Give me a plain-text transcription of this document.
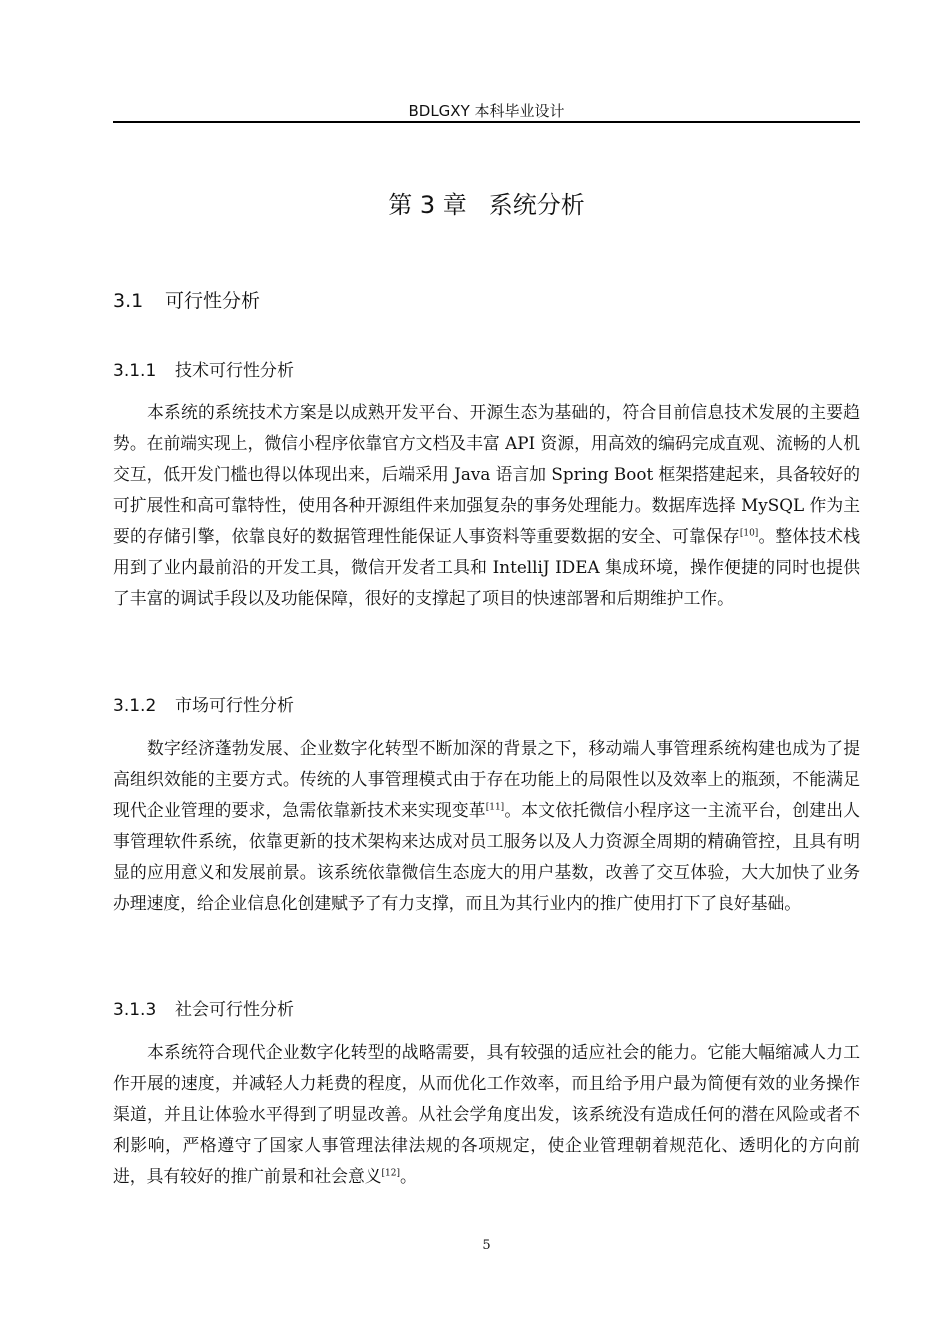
BDLGXY 本科毕业设计
第 3 章 系统分析
3.1 可行性分析
3.1.1 技术可行性分析

本系统的系统技术方案是以成熟开发平台、开源生态为基础的，符合目前信息技术发展的主要趋势。在前端实现上，微信小程序依靠官方文档及丰富 API 资源，用高效的编码完成直观、流畅的人机交互，低开发门槛也得以体现出来，后端采用 Java 语言加 Spring Boot 框架搭建起来，具备较好的可扩展性和高可靠特性，使用各种开源组件来加强复杂的事务处理能力。数据库选择 MySQL 作为主要的存储引擎，依靠良好的数据管理性能保证人事资料等重要数据的安全、可靠保存[10]。整体技术栈用到了业内最前沿的开发工具，微信开发者工具和 IntelliJ IDEA 集成环境，操作便捷的同时也提供了丰富的调试手段以及功能保障，很好的支撑起了项目的快速部署和后期维护工作。

3.1.2 市场可行性分析

数字经济蓬勃发展、企业数字化转型不断加深的背景之下，移动端人事管理系统构建也成为了提高组织效能的主要方式。传统的人事管理模式由于存在功能上的局限性以及效率上的瓶颈，不能满足现代企业管理的要求，急需依靠新技术来实现变革[11]。本文依托微信小程序这一主流平台，创建出人事管理软件系统，依靠更新的技术架构来达成对员工服务以及人力资源全周期的精确管控，且具有明显的应用意义和发展前景。该系统依靠微信生态庞大的用户基数，改善了交互体验，大大加快了业务办理速度，给企业信息化创建赋予了有力支撑，而且为其行业内的推广使用打下了良好基础。

3.1.3 社会可行性分析

本系统符合现代企业数字化转型的战略需要，具有较强的适应社会的能力。它能大幅缩减人力工作开展的速度，并减轻人力耗费的程度，从而优化工作效率，而且给予用户最为简便有效的业务操作渠道，并且让体验水平得到了明显改善。从社会学角度出发，该系统没有造成任何的潜在风险或者不利影响，严格遵守了国家人事管理法律法规的各项规定，使企业管理朝着规范化、透明化的方向前进，具有较好的推广前景和社会意义[12]。

5
